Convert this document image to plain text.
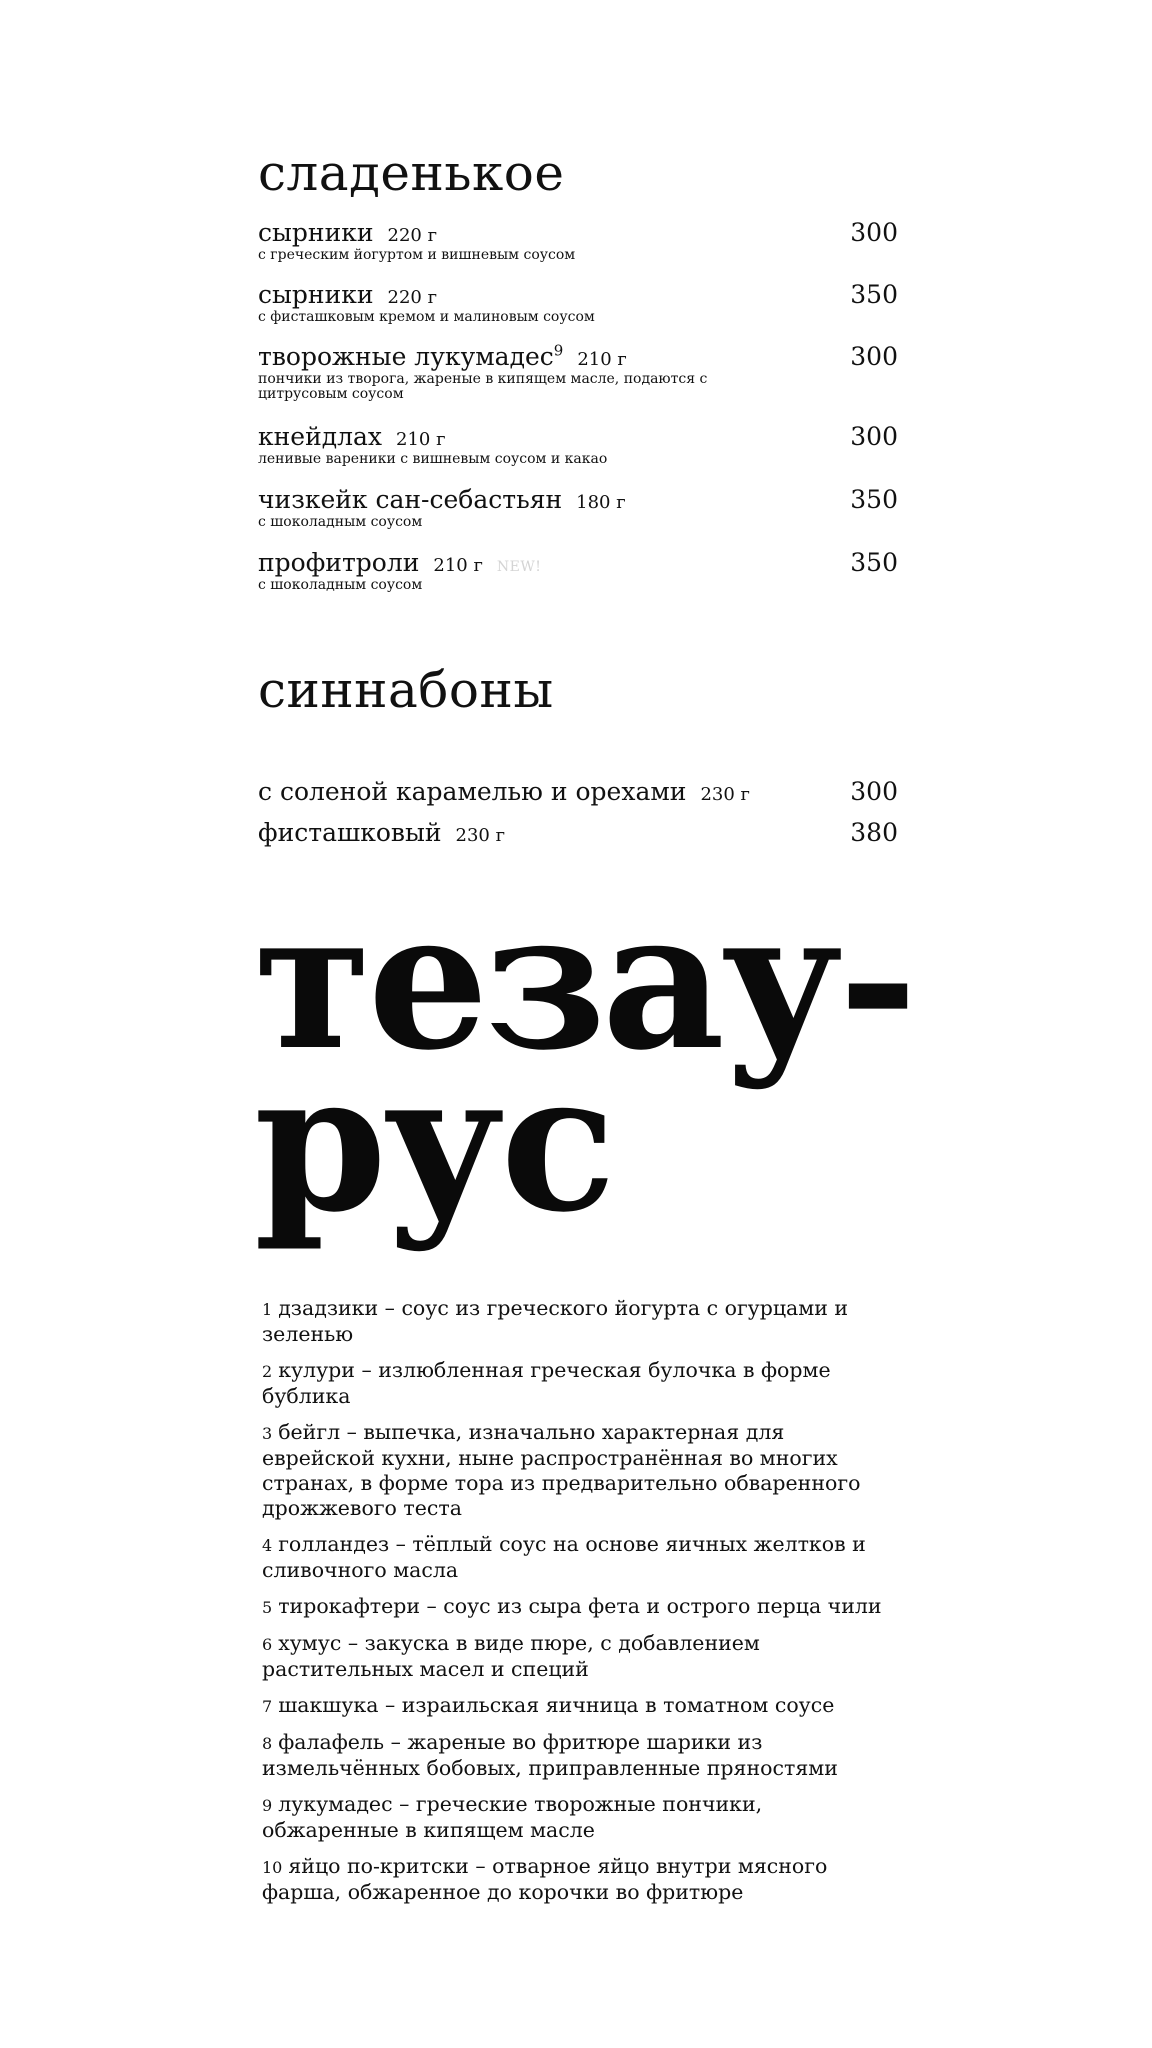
сладенькое
сырники 220 г	300
с греческим йогуртом и вишневым соусом
сырники 220 г	350
с фисташковым кремом и малиновым соусом
творожные лукумадес$^9$ 210 г	300
пончики из творога, жареные в кипящем масле, подаются с цитрусовым соусом
кнейдлах 210 г	300
ленивые вареники с вишневым соусом и какао
чизкейк сан-себастьян 180 г	350
с шоколадным соусом
профитроли 210 г NEW!	350
с шоколадным соусом
синнабоны
с соленой карамелью и орехами 230 г	300
фисташковый 230 г	380
тезау-
рус
1 дзадзики – соус из греческого йогурта с огурцами и зеленью
2 кулури – излюбленная греческая булочка в форме бублика
3 бейгл – выпечка, изначально характерная для еврейской кухни, ныне распространённая во многих странах, в форме тора из предварительно обваренного дрожжевого теста
4 голландез – тёплый соус на основе яичных желтков и сливочного масла
5 тирокафтери – соус из сыра фета и острого перца чили
6 хумус – закуска в виде пюре, с добавлением растительных масел и специй
7 шакшука – израильская яичница в томатном соусе
8 фалафель – жареные во фритюре шарики из измельчённых бобовых, приправленные пряностями
9 лукумадес – греческие творожные пончики, обжаренные в кипящем масле
10 яйцо по-критски – отварное яйцо внутри мясного фарша, обжаренное до корочки во фритюре
